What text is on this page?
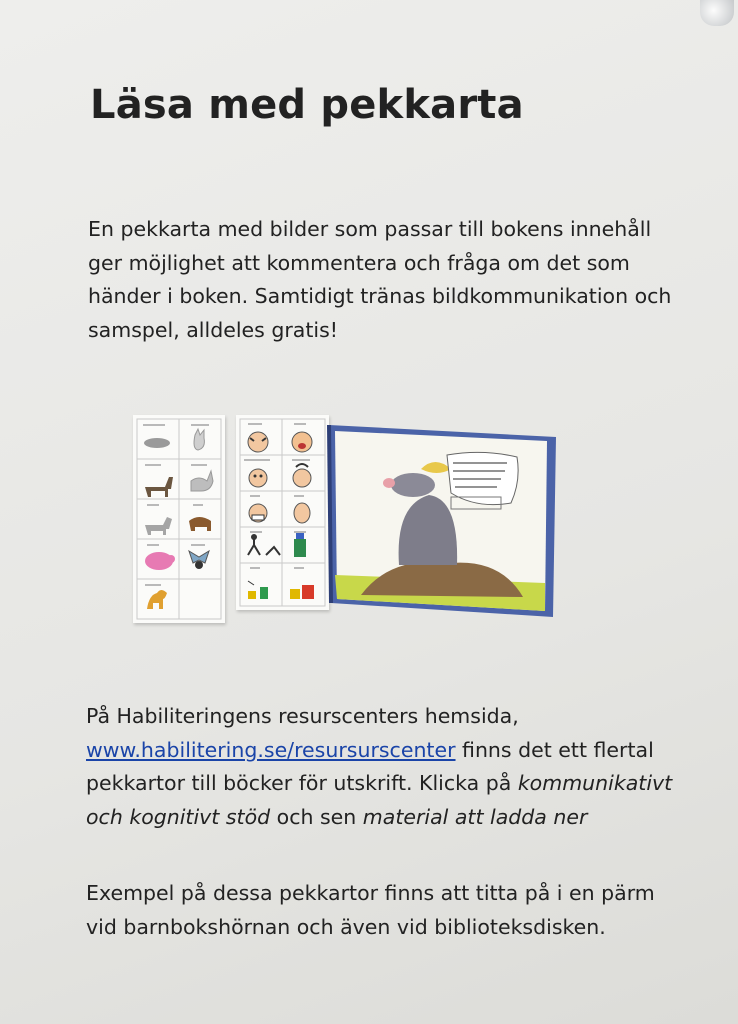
Läsa med pekkarta

En pekkarta med bilder som passar till bokens innehåll ger möjlighet att kommentera och fråga om det som händer i boken. Samtidigt tränas bildkommunikation och samspel, alldeles gratis!

På Habiliteringens resurscenters hemsida, www.habilitering.se/resursurscenter finns det ett flertal pekkartor till böcker för utskrift. Klicka på kommunikativt och kognitivt stöd och sen material att ladda ner

Exempel på dessa pekkartor finns att titta på i en pärm vid barnbokshörnan och även vid biblioteksdisken.
